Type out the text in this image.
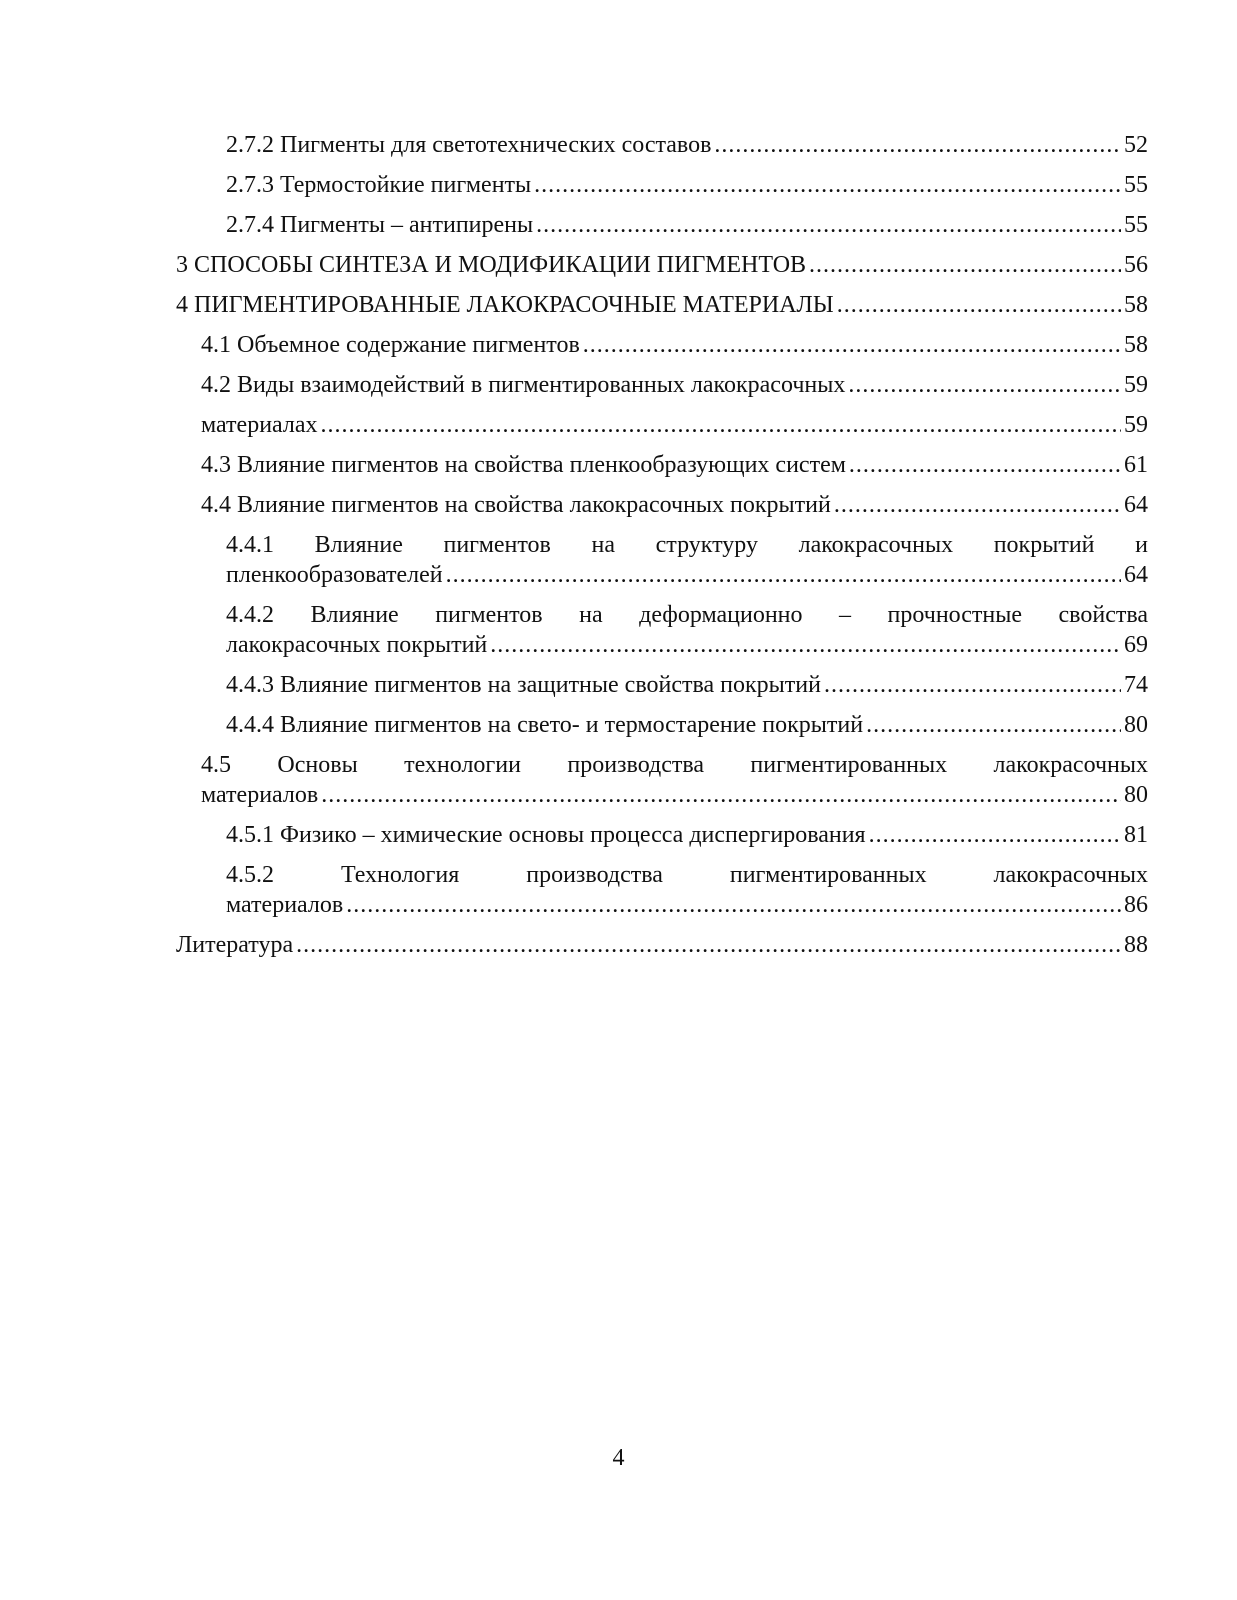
2.7.2 Пигменты для светотехнических составов .....	52
2.7.3 Термостойкие пигменты .....	55
2.7.4 Пигменты – антипирены .....	55
3 СПОСОБЫ СИНТЕЗА И МОДИФИКАЦИИ ПИГМЕНТОВ .....	56
4 ПИГМЕНТИРОВАННЫЕ ЛАКОКРАСОЧНЫЕ МАТЕРИАЛЫ .....	58
4.1 Объемное содержание пигментов .....	58
4.2 Виды взаимодействий в пигментированных лакокрасочных .....	59
материалах .....	59
4.3 Влияние пигментов на свойства пленкообразующих систем .....	61
4.4 Влияние пигментов на свойства лакокрасочных покрытий .....	64
4.4.1 Влияние пигментов на структуру лакокрасочных покрытий и
пленкообразователей .....	64
4.4.2 Влияние пигментов на деформационно – прочностные свойства
лакокрасочных покрытий .....	69
4.4.3 Влияние пигментов на защитные свойства покрытий .....	74
4.4.4 Влияние пигментов на свето- и термостарение покрытий .....	80
4.5 Основы технологии производства пигментированных лакокрасочных
материалов .....	80
4.5.1 Физико – химические основы процесса диспергирования .....	81
4.5.2 Технология производства пигментированных лакокрасочных
материалов .....	86
Литература .....	88
4
